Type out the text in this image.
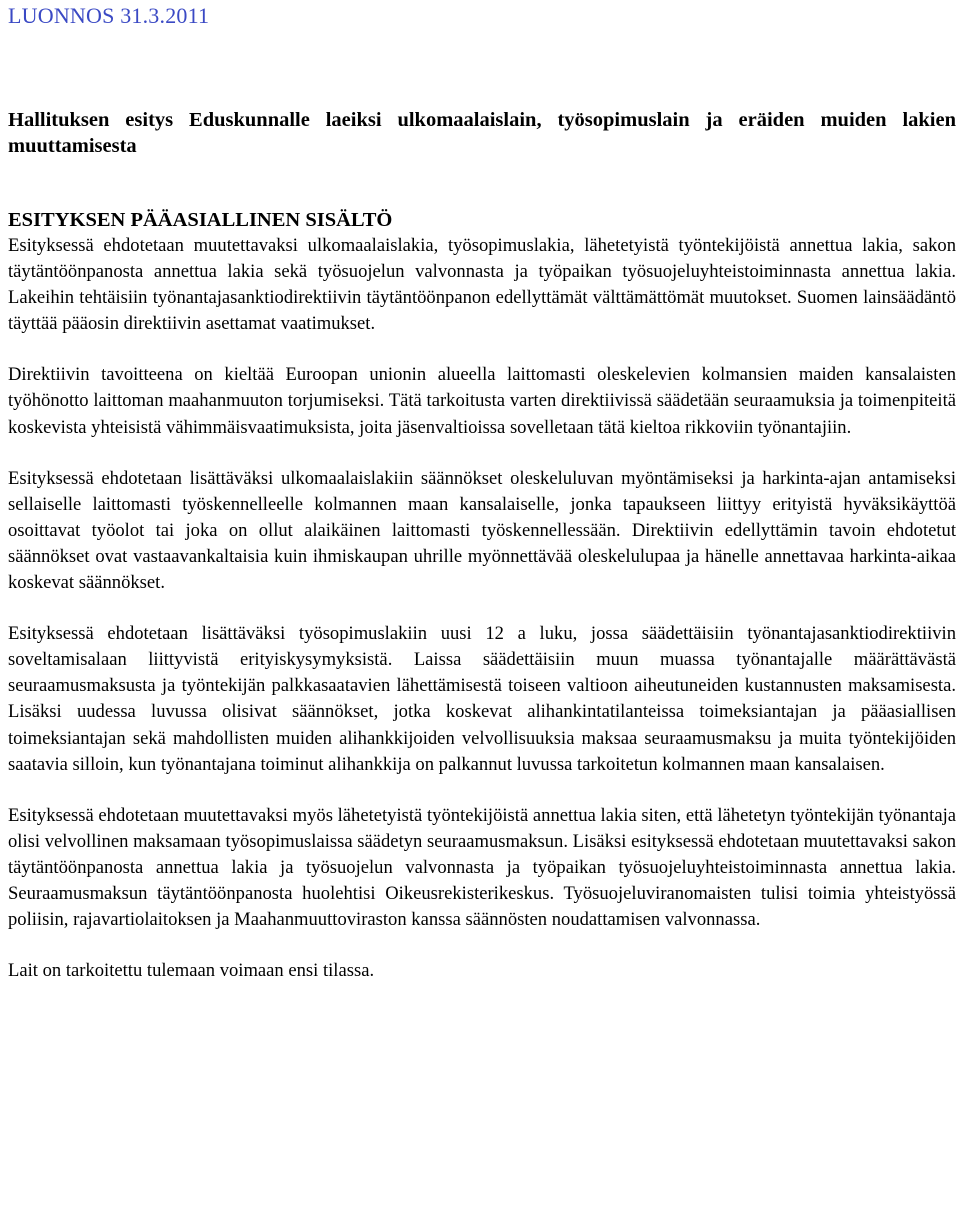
LUONNOS 31.3.2011

Hallituksen esitys Eduskunnalle laeiksi ulkomaalaislain, työsopimuslain ja eräiden muiden lakien muuttamisesta
ESITYKSEN PÄÄASIALLINEN SISÄLTÖ

Esityksessä ehdotetaan muutettavaksi ulkomaalaislakia, työsopimuslakia, lähetetyistä työntekijöistä annettua lakia, sakon täytäntöönpanosta annettua lakia sekä työsuojelun valvonnasta ja työpaikan työsuojeluyhteistoiminnasta annettua lakia. Lakeihin tehtäisiin työnantajasanktiodirektiivin täytäntöönpanon edellyttämät välttämättömät muutokset. Suomen lainsäädäntö täyttää pääosin direktiivin asettamat vaatimukset.

Direktiivin tavoitteena on kieltää Euroopan unionin alueella laittomasti oleskelevien kolmansien maiden kansalaisten työhönotto laittoman maahanmuuton torjumiseksi. Tätä tarkoitusta varten direktiivissä säädetään seuraamuksia ja toimenpiteitä koskevista yhteisistä vähimmäisvaatimuksista, joita jäsenvaltioissa sovelletaan tätä kieltoa rikkoviin työnantajiin.

Esityksessä ehdotetaan lisättäväksi ulkomaalaislakiin säännökset oleskeluluvan myöntämiseksi ja harkinta-ajan antamiseksi sellaiselle laittomasti työskennelleelle kolmannen maan kansalaiselle, jonka tapaukseen liittyy erityistä hyväksikäyttöä osoittavat työolot tai joka on ollut alaikäinen laittomasti työskennellessään. Direktiivin edellyttämin tavoin ehdotetut säännökset ovat vastaavankaltaisia kuin ihmiskaupan uhrille myönnettävää oleskelulupaa ja hänelle annettavaa harkinta-aikaa koskevat säännökset.

Esityksessä ehdotetaan lisättäväksi työsopimuslakiin uusi 12 a luku, jossa säädettäisiin työnantajasanktiodirektiivin soveltamisalaan liittyvistä erityiskysymyksistä. Laissa säädettäisiin muun muassa työnantajalle määrättävästä seuraamusmaksusta ja työntekijän palkkasaatavien lähettämisestä toiseen valtioon aiheutuneiden kustannusten maksamisesta. Lisäksi uudessa luvussa olisivat säännökset, jotka koskevat alihankintatilanteissa toimeksiantajan ja pääasiallisen toimeksiantajan sekä mahdollisten muiden alihankkijoiden velvollisuuksia maksaa seuraamusmaksu ja muita työntekijöiden saatavia silloin, kun työnantajana toiminut alihankkija on palkannut luvussa tarkoitetun kolmannen maan kansalaisen.

Esityksessä ehdotetaan muutettavaksi myös lähetetyistä työntekijöistä annettua lakia siten, että lähetetyn työntekijän työnantaja olisi velvollinen maksamaan työsopimuslaissa säädetyn seuraamusmaksun. Lisäksi esityksessä ehdotetaan muutettavaksi sakon täytäntöönpanosta annettua lakia ja työsuojelun valvonnasta ja työpaikan työsuojeluyhteistoiminnasta annettua lakia. Seuraamusmaksun täytäntöönpanosta huolehtisi Oikeusrekisterikeskus. Työsuojeluviranomaisten tulisi toimia yhteistyössä poliisin, rajavartiolaitoksen ja Maahanmuuttoviraston kanssa säännösten noudattamisen valvonnassa.

Lait on tarkoitettu tulemaan voimaan ensi tilassa.
